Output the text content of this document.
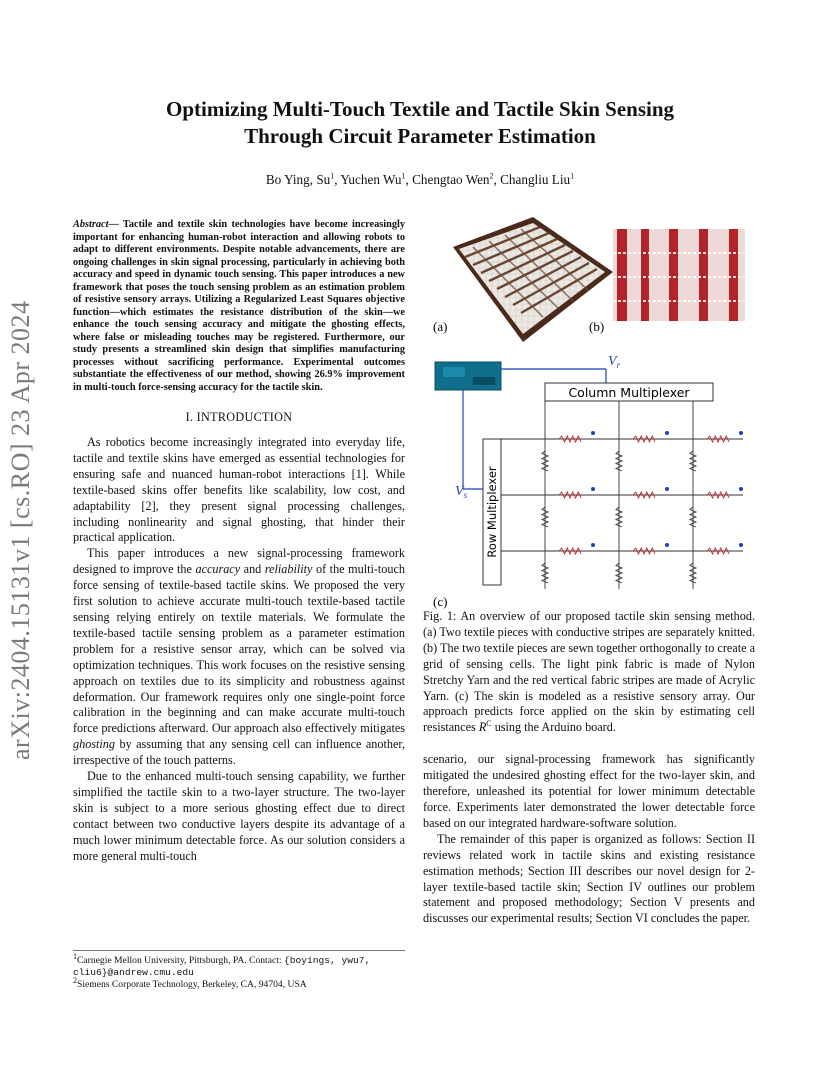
arXiv:2404.15131v1 [cs.RO] 23 Apr 2024
Optimizing Multi-Touch Textile and Tactile Skin Sensing
Through Circuit Parameter Estimation
Bo Ying, Su$^1$, Yuchen Wu$^1$, Chengtao Wen$^2$, Changliu Liu$^1$

Abstract— Tactile and textile skin technologies have become increasingly important for enhancing human-robot interaction and allowing robots to adapt to different environments. Despite notable advancements, there are ongoing challenges in skin signal processing, particularly in achieving both accuracy and speed in dynamic touch sensing. This paper introduces a new framework that poses the touch sensing problem as an estimation problem of resistive sensory arrays. Utilizing a Regularized Least Squares objective function—which estimates the resistance distribution of the skin—we enhance the touch sensing accuracy and mitigate the ghosting effects, where false or misleading touches may be registered. Furthermore, our study presents a streamlined skin design that simplifies manufacturing processes without sacrificing performance. Experimental outcomes substantiate the effectiveness of our method, showing 26.9% improvement in multi-touch force-sensing accuracy for the tactile skin.

I. INTRODUCTION

As robotics become increasingly integrated into everyday life, tactile and textile skins have emerged as essential technologies for ensuring safe and nuanced human-robot interactions [1]. While textile-based skins offer benefits like scalability, low cost, and adaptability [2], they present signal processing challenges, including nonlinearity and signal ghosting, that hinder their practical application.

This paper introduces a new signal-processing framework designed to improve the accuracy and reliability of the multi-touch force sensing of textile-based tactile skins. We proposed the very first solution to achieve accurate multi-touch textile-based tactile sensing relying entirely on textile materials. We formulate the textile-based tactile sensing problem as a parameter estimation problem for a resistive sensor array, which can be solved via optimization techniques. This work focuses on the resistive sensing approach on textiles due to its simplicity and robustness against deformation. Our framework requires only one single-point force calibration in the beginning and can make accurate multi-touch force predictions afterward. Our approach also effectively mitigates ghosting by assuming that any sensing cell can influence another, irrespective of the touch patterns.

Due to the enhanced multi-touch sensing capability, we further simplified the tactile skin to a two-layer structure. The two-layer skin is subject to a more serious ghosting effect due to direct contact between two conductive layers despite its advantage of a much lower minimum detectable force. As our solution considers a more general multi-touch

$^1$Carnegie Mellon University, Pittsburgh, PA. Contact: {boyings, ywu7, cliu6}@andrew.cmu.edu
$^2$Siemens Corporate Technology, Berkeley, CA, 94704, USA
(a)	(b)
$V_r$
$V_s$
Column Multiplexer
Row Multiplexer
(c)

Fig. 1: An overview of our proposed tactile skin sensing method. (a) Two textile pieces with conductive stripes are separately knitted. (b) The two textile pieces are sewn together orthogonally to create a grid of sensing cells. The light pink fabric is made of Nylon Stretchy Yarn and the red vertical fabric stripes are made of Acrylic Yarn. (c) The skin is modeled as a resistive sensory array. Our approach predicts force applied on the skin by estimating cell resistances $R^C$ using the Arduino board.

scenario, our signal-processing framework has significantly mitigated the undesired ghosting effect for the two-layer skin, and therefore, unleashed its potential for lower minimum detectable force. Experiments later demonstrated the lower detectable force based on our integrated hardware-software solution.

The remainder of this paper is organized as follows: Section II reviews related work in tactile skins and existing resistance estimation methods; Section III describes our novel design for 2-layer textile-based tactile skin; Section IV outlines our problem statement and proposed methodology; Section V presents and discusses our experimental results; Section VI concludes the paper.
